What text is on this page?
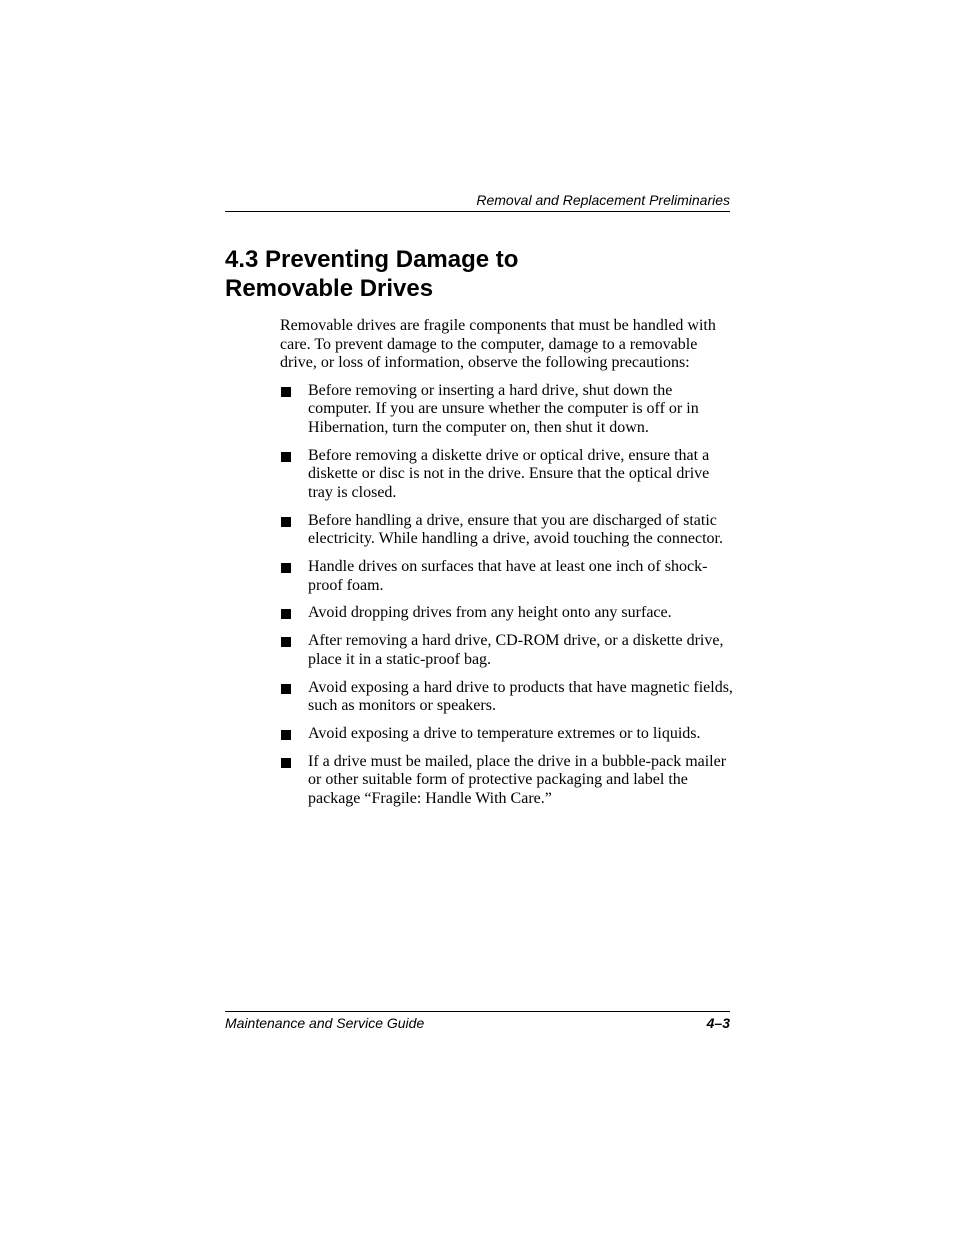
Removal and Replacement Preliminaries
4.3 Preventing Damage to
Removable Drives

Removable drives are fragile components that must be handled with care. To prevent damage to the computer, damage to a removable drive, or loss of information, observe the following precautions:

Before removing or inserting a hard drive, shut down the computer. If you are unsure whether the computer is off or in Hibernation, turn the computer on, then shut it down.
Before removing a diskette drive or optical drive, ensure that a diskette or disc is not in the drive. Ensure that the optical drive tray is closed.
Before handling a drive, ensure that you are discharged of static electricity. While handling a drive, avoid touching the connector.
Handle drives on surfaces that have at least one inch of shock-proof foam.
Avoid dropping drives from any height onto any surface.
After removing a hard drive, CD-ROM drive, or a diskette drive, place it in a static-proof bag.
Avoid exposing a hard drive to products that have magnetic fields, such as monitors or speakers.
Avoid exposing a drive to temperature extremes or to liquids.
If a drive must be mailed, place the drive in a bubble-pack mailer or other suitable form of protective packaging and label the package “Fragile: Handle With Care.”
Maintenance and Service Guide	4–3
